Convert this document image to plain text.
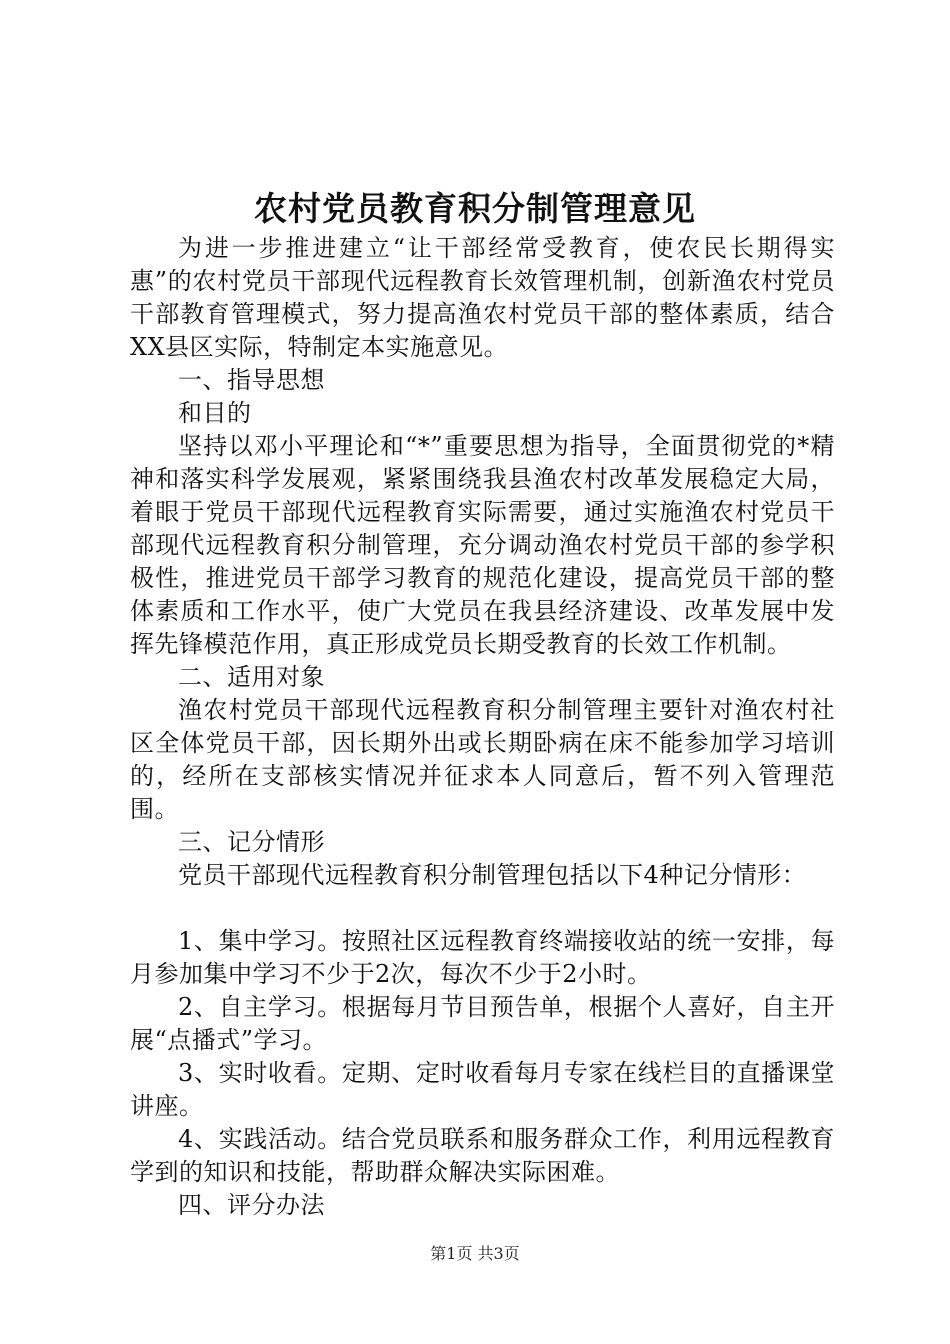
农村党员教育积分制管理意见

为进一步推进建立“让干部经常受教育，使农民长期得实惠”的农村党员干部现代远程教育长效管理机制，创新渔农村党员干部教育管理模式，努力提高渔农村党员干部的整体素质，结合XX县区实际，特制定本实施意见。

一、指导思想

和目的

坚持以邓小平理论和“*”重要思想为指导，全面贯彻党的*精神和落实科学发展观，紧紧围绕我县渔农村改革发展稳定大局，着眼于党员干部现代远程教育实际需要，通过实施渔农村党员干部现代远程教育积分制管理，充分调动渔农村党员干部的参学积极性，推进党员干部学习教育的规范化建设，提高党员干部的整体素质和工作水平，使广大党员在我县经济建设、改革发展中发挥先锋模范作用，真正形成党员长期受教育的长效工作机制。

二、适用对象

渔农村党员干部现代远程教育积分制管理主要针对渔农村社区全体党员干部，因长期外出或长期卧病在床不能参加学习培训的，经所在支部核实情况并征求本人同意后，暂不列入管理范围。

三、记分情形

党员干部现代远程教育积分制管理包括以下4种记分情形：

1、集中学习。按照社区远程教育终端接收站的统一安排，每月参加集中学习不少于2次，每次不少于2小时。

2、自主学习。根据每月节目预告单，根据个人喜好，自主开展“点播式”学习。

3、实时收看。定期、定时收看每月专家在线栏目的直播课堂讲座。

4、实践活动。结合党员联系和服务群众工作，利用远程教育学到的知识和技能，帮助群众解决实际困难。

四、评分办法

第1页 共3页
